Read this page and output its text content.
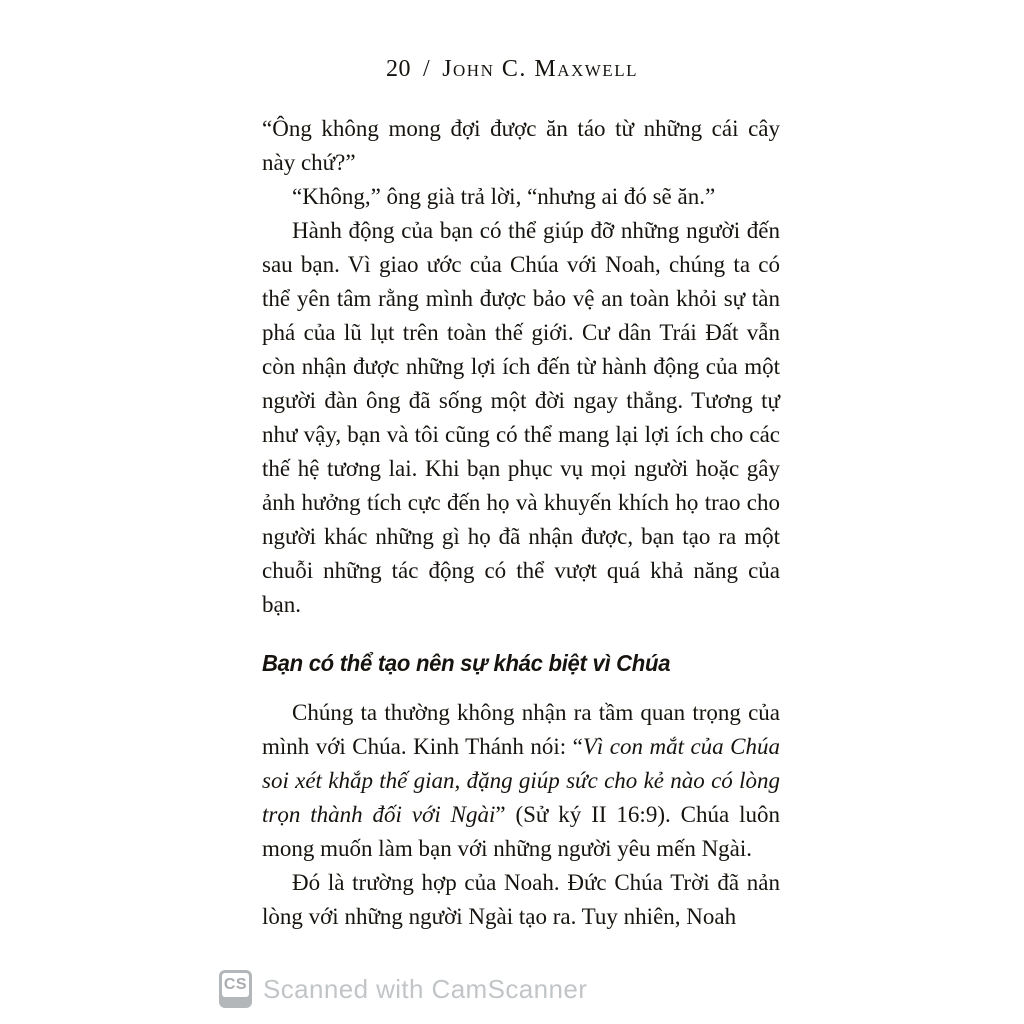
20 / John C. Maxwell

“Ông không mong đợi được ăn táo từ những cái cây này chứ?”

“Không,” ông già trả lời, “nhưng ai đó sẽ ăn.”

Hành động của bạn có thể giúp đỡ những người đến sau bạn. Vì giao ước của Chúa với Noah, chúng ta có thể yên tâm rằng mình được bảo vệ an toàn khỏi sự tàn phá của lũ lụt trên toàn thế giới. Cư dân Trái Đất vẫn còn nhận được những lợi ích đến từ hành động của một người đàn ông đã sống một đời ngay thẳng. Tương tự như vậy, bạn và tôi cũng có thể mang lại lợi ích cho các thế hệ tương lai. Khi bạn phục vụ mọi người hoặc gây ảnh hưởng tích cực đến họ và khuyến khích họ trao cho người khác những gì họ đã nhận được, bạn tạo ra một chuỗi những tác động có thể vượt quá khả năng của bạn.

Bạn có thể tạo nên sự khác biệt vì Chúa

Chúng ta thường không nhận ra tầm quan trọng của mình với Chúa. Kinh Thánh nói: “Vì con mắt của Chúa soi xét khắp thế gian, đặng giúp sức cho kẻ nào có lòng trọn thành đối với Ngài” (Sử ký II 16:9). Chúa luôn mong muốn làm bạn với những người yêu mến Ngài.

Đó là trường hợp của Noah. Đức Chúa Trời đã nản lòng với những người Ngài tạo ra. Tuy nhiên, Noah

CS Scanned with CamScanner
